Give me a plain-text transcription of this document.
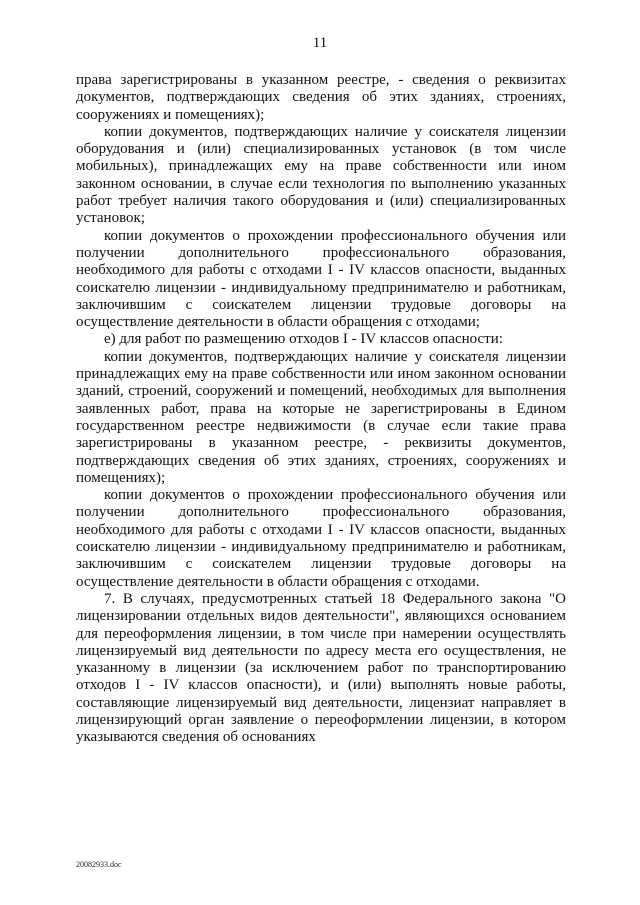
11

права зарегистрированы в указанном реестре, - сведения о реквизитах документов, подтверждающих сведения об этих зданиях, строениях, сооружениях и помещениях);

копии документов, подтверждающих наличие у соискателя лицензии оборудования и (или) специализированных установок (в том числе мобильных), принадлежащих ему на праве собственности или ином законном основании, в случае если технология по выполнению указанных работ требует наличия такого оборудования и (или) специализированных установок;

копии документов о прохождении профессионального обучения или получении дополнительного профессионального образования, необходимого для работы с отходами I - IV классов опасности, выданных соискателю лицензии - индивидуальному предпринимателю и работникам, заключившим с соискателем лицензии трудовые договоры на осуществление деятельности в области обращения с отходами;

е) для работ по размещению отходов I - IV классов опасности:

копии документов, подтверждающих наличие у соискателя лицензии принадлежащих ему на праве собственности или ином законном основании зданий, строений, сооружений и помещений, необходимых для выполнения заявленных работ, права на которые не зарегистрированы в Едином государственном реестре недвижимости (в случае если такие права зарегистрированы в указанном реестре, - реквизиты документов, подтверждающих сведения об этих зданиях, строениях, сооружениях и помещениях);

копии документов о прохождении профессионального обучения или получении дополнительного профессионального образования, необходимого для работы с отходами I - IV классов опасности, выданных соискателю лицензии - индивидуальному предпринимателю и работникам, заключившим с соискателем лицензии трудовые договоры на осуществление деятельности в области обращения с отходами.

7. В случаях, предусмотренных статьей 18 Федерального закона "О лицензировании отдельных видов деятельности", являющихся основанием для переоформления лицензии, в том числе при намерении осуществлять лицензируемый вид деятельности по адресу места его осуществления, не указанному в лицензии (за исключением работ по транспортированию отходов I - IV классов опасности), и (или) выполнять новые работы, составляющие лицензируемый вид деятельности, лицензиат направляет в лицензирующий орган заявление о переоформлении лицензии, в котором указываются сведения об основаниях

20082933.doc
